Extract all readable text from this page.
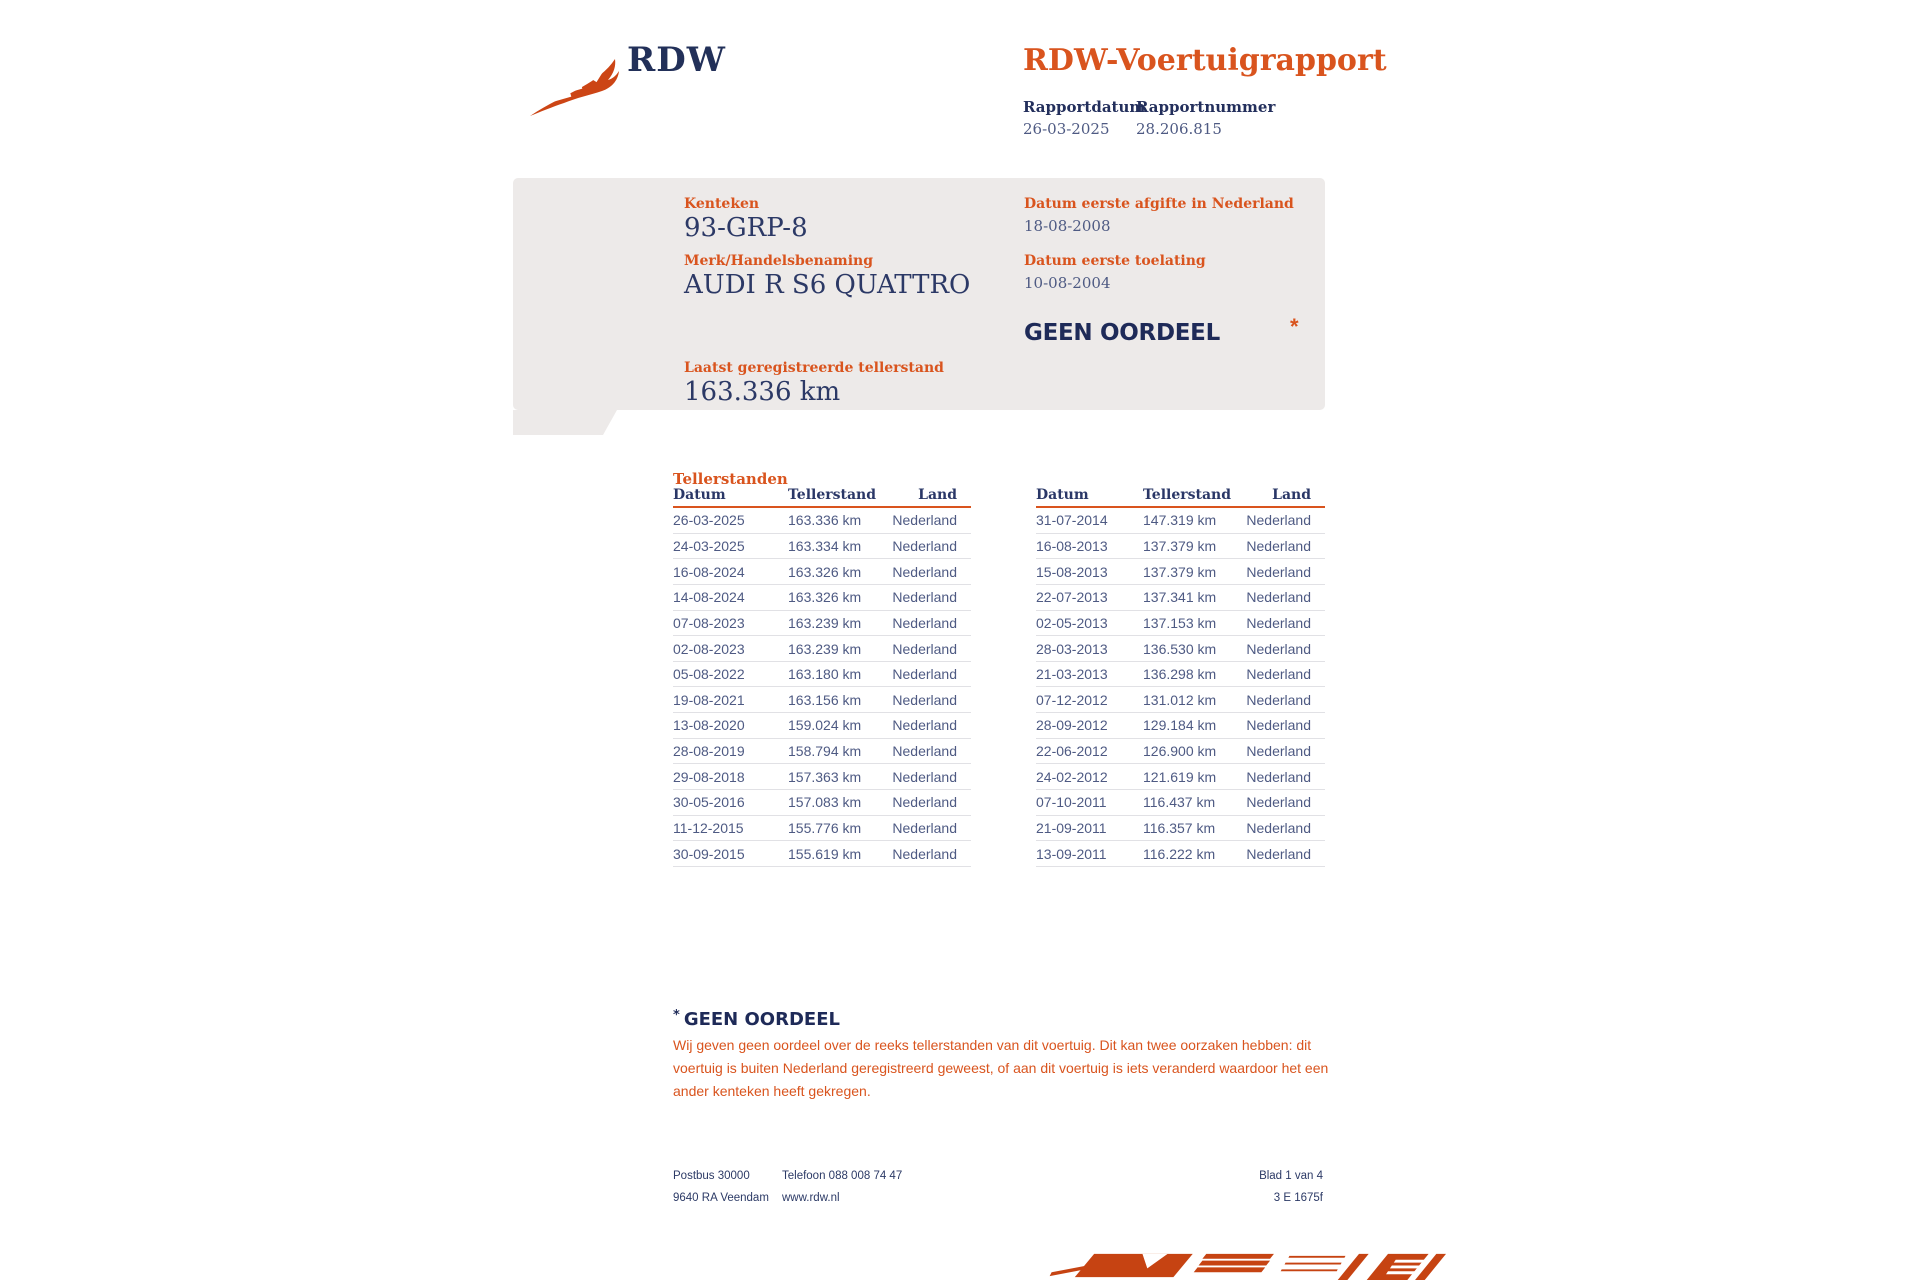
RDW	RDW-Voertuigrapport
Rapportdatum
Rapportnummer
26-03-2025 28.206.815
Kenteken
93-GRP-8
Merk/Handelsbenaming
AUDI R S6 QUATTRO
Datum eerste afgifte in Nederland
18-08-2008
Datum eerste toelating
10-08-2004
GEEN OORDEEL	*
Laatst geregistreerde tellerstand
163.336 km
Tellerstanden
Datum	Tellerstand	Land
26-03-2025	163.336 km	Nederland
24-03-2025	163.334 km	Nederland
16-08-2024	163.326 km	Nederland
14-08-2024	163.326 km	Nederland
07-08-2023	163.239 km	Nederland
02-08-2023	163.239 km	Nederland
05-08-2022	163.180 km	Nederland
19-08-2021	163.156 km	Nederland
13-08-2020	159.024 km	Nederland
28-08-2019	158.794 km	Nederland
29-08-2018	157.363 km	Nederland
30-05-2016	157.083 km	Nederland
11-12-2015	155.776 km	Nederland
30-09-2015	155.619 km	Nederland
Datum	Tellerstand	Land
31-07-2014	147.319 km	Nederland
16-08-2013	137.379 km	Nederland
15-08-2013	137.379 km	Nederland
22-07-2013	137.341 km	Nederland
02-05-2013	137.153 km	Nederland
28-03-2013	136.530 km	Nederland
21-03-2013	136.298 km	Nederland
07-12-2012	131.012 km	Nederland
28-09-2012	129.184 km	Nederland
22-06-2012	126.900 km	Nederland
24-02-2012	121.619 km	Nederland
07-10-2011	116.437 km	Nederland
21-09-2011	116.357 km	Nederland
13-09-2011	116.222 km	Nederland
* GEEN OORDEEL
Wij geven geen oordeel over de reeks tellerstanden van dit voertuig. Dit kan twee oorzaken hebben: dit voertuig is buiten Nederland geregistreerd geweest, of aan dit voertuig is iets veranderd waardoor het een ander kenteken heeft gekregen.
Postbus 30000
9640 RA Veendam
Telefoon 088 008 74 47
www.rdw.nl
Blad 1 van 4
3 E 1675f
